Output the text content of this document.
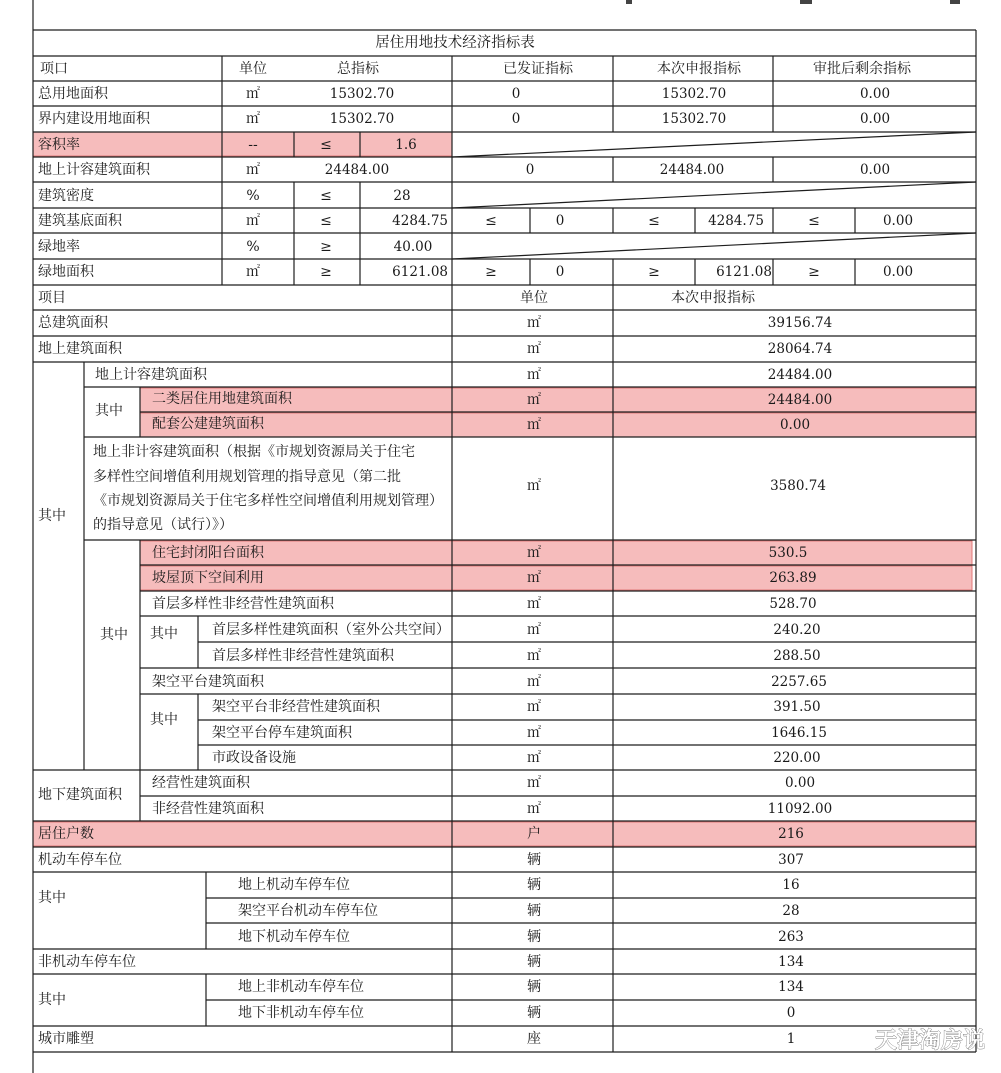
居住用地技术经济指标表
项口	单位	总指标	已发证指标	本次申报指标	审批后剩余指标
总用地面积	㎡	15302.70	0	15302.70	0.00
界内建设用地面积	㎡	15302.70	0	15302.70	0.00
容积率	--	≤	1.6
地上计容建筑面积	㎡	24484.00	0	24484.00	0.00
建筑密度	%	≤	28
建筑基底面积	㎡	≤	4284.75	≤	0	≤	4284.75	≤	0.00
绿地率	%	≥	40.00
绿地面积	㎡	≥	6121.08	≥	0	≥	6121.08	≥	0.00
项目	单位	本次申报指标
总建筑面积	㎡	39156.74
地上建筑面积	㎡	28064.74
其中
地上计容建筑面积	㎡	24484.00
其中
二类居住用地建筑面积	㎡	24484.00
配套公建建筑面积	㎡	0.00
地上非计容建筑面积（根据《市规划资源局关于住宅
多样性空间增值利用规划管理的指导意见（第二批
《市规划资源局关于住宅多样性空间增值利用规划管理）
的指导意见（试行）》）
㎡	3580.74
其中
住宅封闭阳台面积	㎡	530.5
坡屋顶下空间利用	㎡	263.89
首层多样性非经营性建筑面积	㎡	528.70
其中 首层多样性建筑面积（室外公共空间）	㎡	240.20
首层多样性非经营性建筑面积	㎡	288.50
架空平台建筑面积	㎡	2257.65
其中
架空平台非经营性建筑面积	㎡	391.50
架空平台停车建筑面积	㎡	1646.15
市政设备设施	㎡	220.00
地下建筑面积
经营性建筑面积	㎡	0.00
非经营性建筑面积	㎡	11092.00
居住户数	户	216
机动车停车位	辆	307
其中
地上机动车停车位	辆	16
架空平台机动车停车位	辆	28
地下机动车停车位	辆	263
非机动车停车位	辆	134
其中
地上非机动车停车位	辆	134
地下非机动车停车位	辆	0
城市雕塑	座	1	天津淘房说
